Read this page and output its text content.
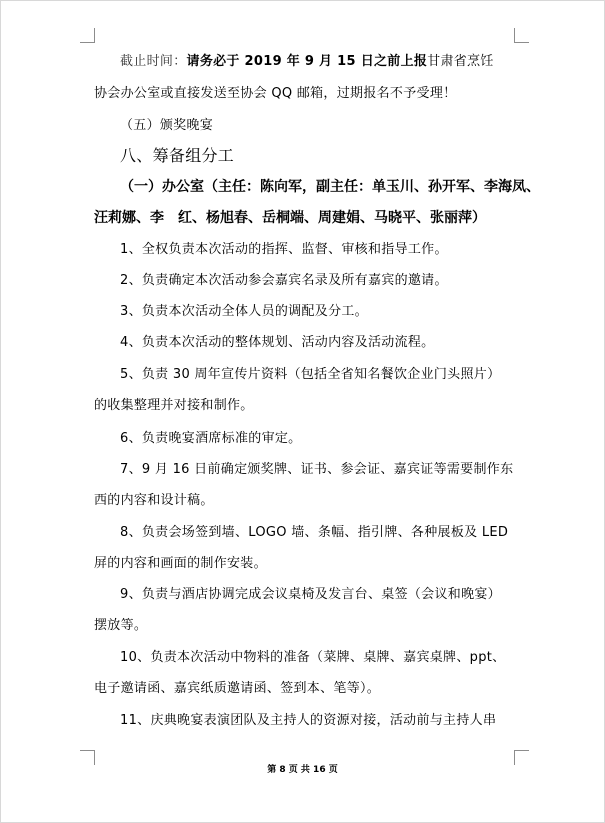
截止时间：请务必于 2019 年 9 月 15 日之前上报甘肃省烹饪
协会办公室或直接发送至协会 QQ 邮箱，过期报名不予受理！
（五）颁奖晚宴
八、筹备组分工
（一）办公室（主任：陈向军，副主任：单玉川、孙开军、李海凤、
汪莉娜、李　红、杨旭春、岳桐端、周建娟、马晓平、张丽萍）
1、全权负责本次活动的指挥、监督、审核和指导工作。
2、负责确定本次活动参会嘉宾名录及所有嘉宾的邀请。
3、负责本次活动全体人员的调配及分工。
4、负责本次活动的整体规划、活动内容及活动流程。
5、负责 30 周年宣传片资料（包括全省知名餐饮企业门头照片）
的收集整理并对接和制作。
6、负责晚宴酒席标准的审定。
7、9 月 16 日前确定颁奖牌、证书、参会证、嘉宾证等需要制作东
西的内容和设计稿。
8、负责会场签到墙、LOGO 墙、条幅、指引牌、各种展板及 LED
屏的内容和画面的制作安装。
9、负责与酒店协调完成会议桌椅及发言台、桌签（会议和晚宴）
摆放等。
10、负责本次活动中物料的准备（菜牌、桌牌、嘉宾桌牌、ppt、
电子邀请函、嘉宾纸质邀请函、签到本、笔等）。
11、庆典晚宴表演团队及主持人的资源对接，活动前与主持人串
第 8 页 共 16 页
